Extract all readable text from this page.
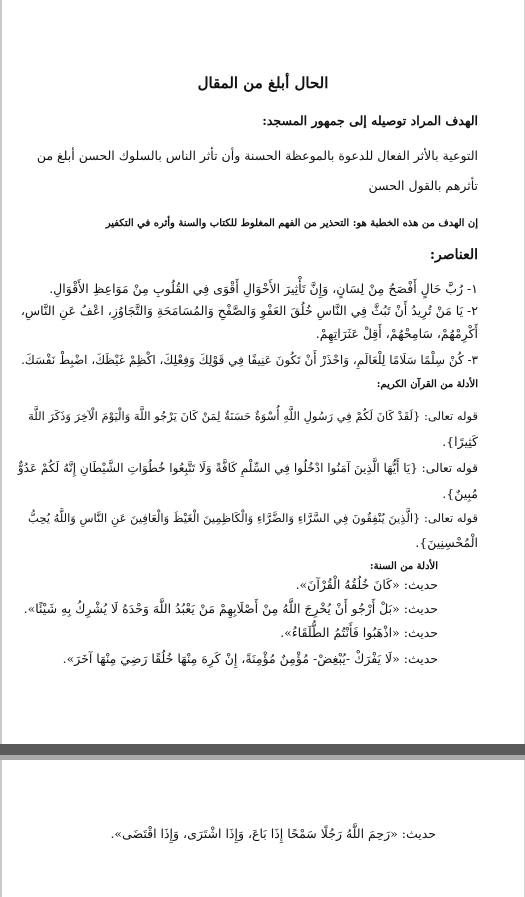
الحال أبلغ من المقال
الهدف المراد توصيله إلى جمهور المسجد:
التوعية بالأثر الفعال للدعوة بالموعظة الحسنة وأن تأثر الناس بالسلوك الحسن أبلغ من
تأثرهم بالقول الحسن
إن الهدف من هذه الخطبة هو: التحذير من الفهم المغلوط للكتاب والسنة وأثره في التكفير
العناصر:
١- رُبَّ حَالٍ أَفْصَحُ مِنْ لِسَانٍ، وَإِنَّ تَأْثِيرَ الأَحْوَالِ أَقْوَى فِي القُلُوبِ مِنْ مَوَاعِظِ الأَقْوَالِ.
٢- يَا مَنْ تُرِيدُ أَنْ تَبُثَّ فِي النَّاسِ خُلُقَ العَفْوِ وَالصَّفْحِ وَالمُسَامَحَةِ وَالتَّجَاوُزِ، اعْفُ عَنِ النَّاسِ،
أَكْرِمْهُمْ، سَامِحْهُمْ، أَقِلْ عَثَرَاتِهِمْ.
٣- كُنْ سِلْمًا سَلَامًا لِلْعَالَمِ، وَاحْذَرْ أَنْ تَكُونَ عَنِيفًا فِي قَوْلِكَ وَفِعْلِكَ، اكْظِمْ غَيْظَكَ، اضْبِطْ نَفْسَكَ.
الأدلة من القرآن الكريم:
قوله تعالى: {لَقَدْ كَانَ لَكُمْ فِي رَسُولِ اللَّهِ أُسْوَةٌ حَسَنَةٌ لِمَنْ كَانَ يَرْجُو اللَّهَ وَالْيَوْمَ الْآخِرَ وَذَكَرَ اللَّهَ
كَثِيرًا}.
قوله تعالى: {يَا أَيُّهَا الَّذِينَ آمَنُوا ادْخُلُوا فِي السِّلْمِ كَافَّةً وَلَا تَتَّبِعُوا خُطُوَاتِ الشَّيْطَانِ إِنَّهُ لَكُمْ عَدُوٌّ
مُبِينٌ}.
قوله تعالى: {الَّذِينَ يُنْفِقُونَ فِي السَّرَّاءِ وَالضَّرَّاءِ وَالْكَاظِمِينَ الْغَيْظَ وَالْعَافِينَ عَنِ النَّاسِ وَاللَّهُ يُحِبُّ
الْمُحْسِنِينَ}.
الأدلة من السنة:
حديث: «كَانَ خُلُقُهُ الْقُرْآنَ».
حديث: «بَلْ أَرْجُو أَنْ يُخْرِجَ اللَّهُ مِنْ أَصْلَابِهِمْ مَنْ يَعْبُدُ اللَّهَ وَحْدَهُ لَا يُشْرِكُ بِهِ شَيْئًا».
حديث: «اذْهَبُوا فَأَنْتُمُ الطُّلَقَاءُ».
حديث: «لَا يَفْرَكْ -يُبْغِضْ- مُؤْمِنٌ مُؤْمِنَةً، إِنْ كَرِهَ مِنْهَا خُلُقًا رَضِيَ مِنْهَا آخَرَ».
حديث: «رَحِمَ اللَّهُ رَجُلًا سَمْحًا إِذَا بَاعَ، وَإِذَا اشْتَرَى، وَإِذَا اقْتَضَى».
